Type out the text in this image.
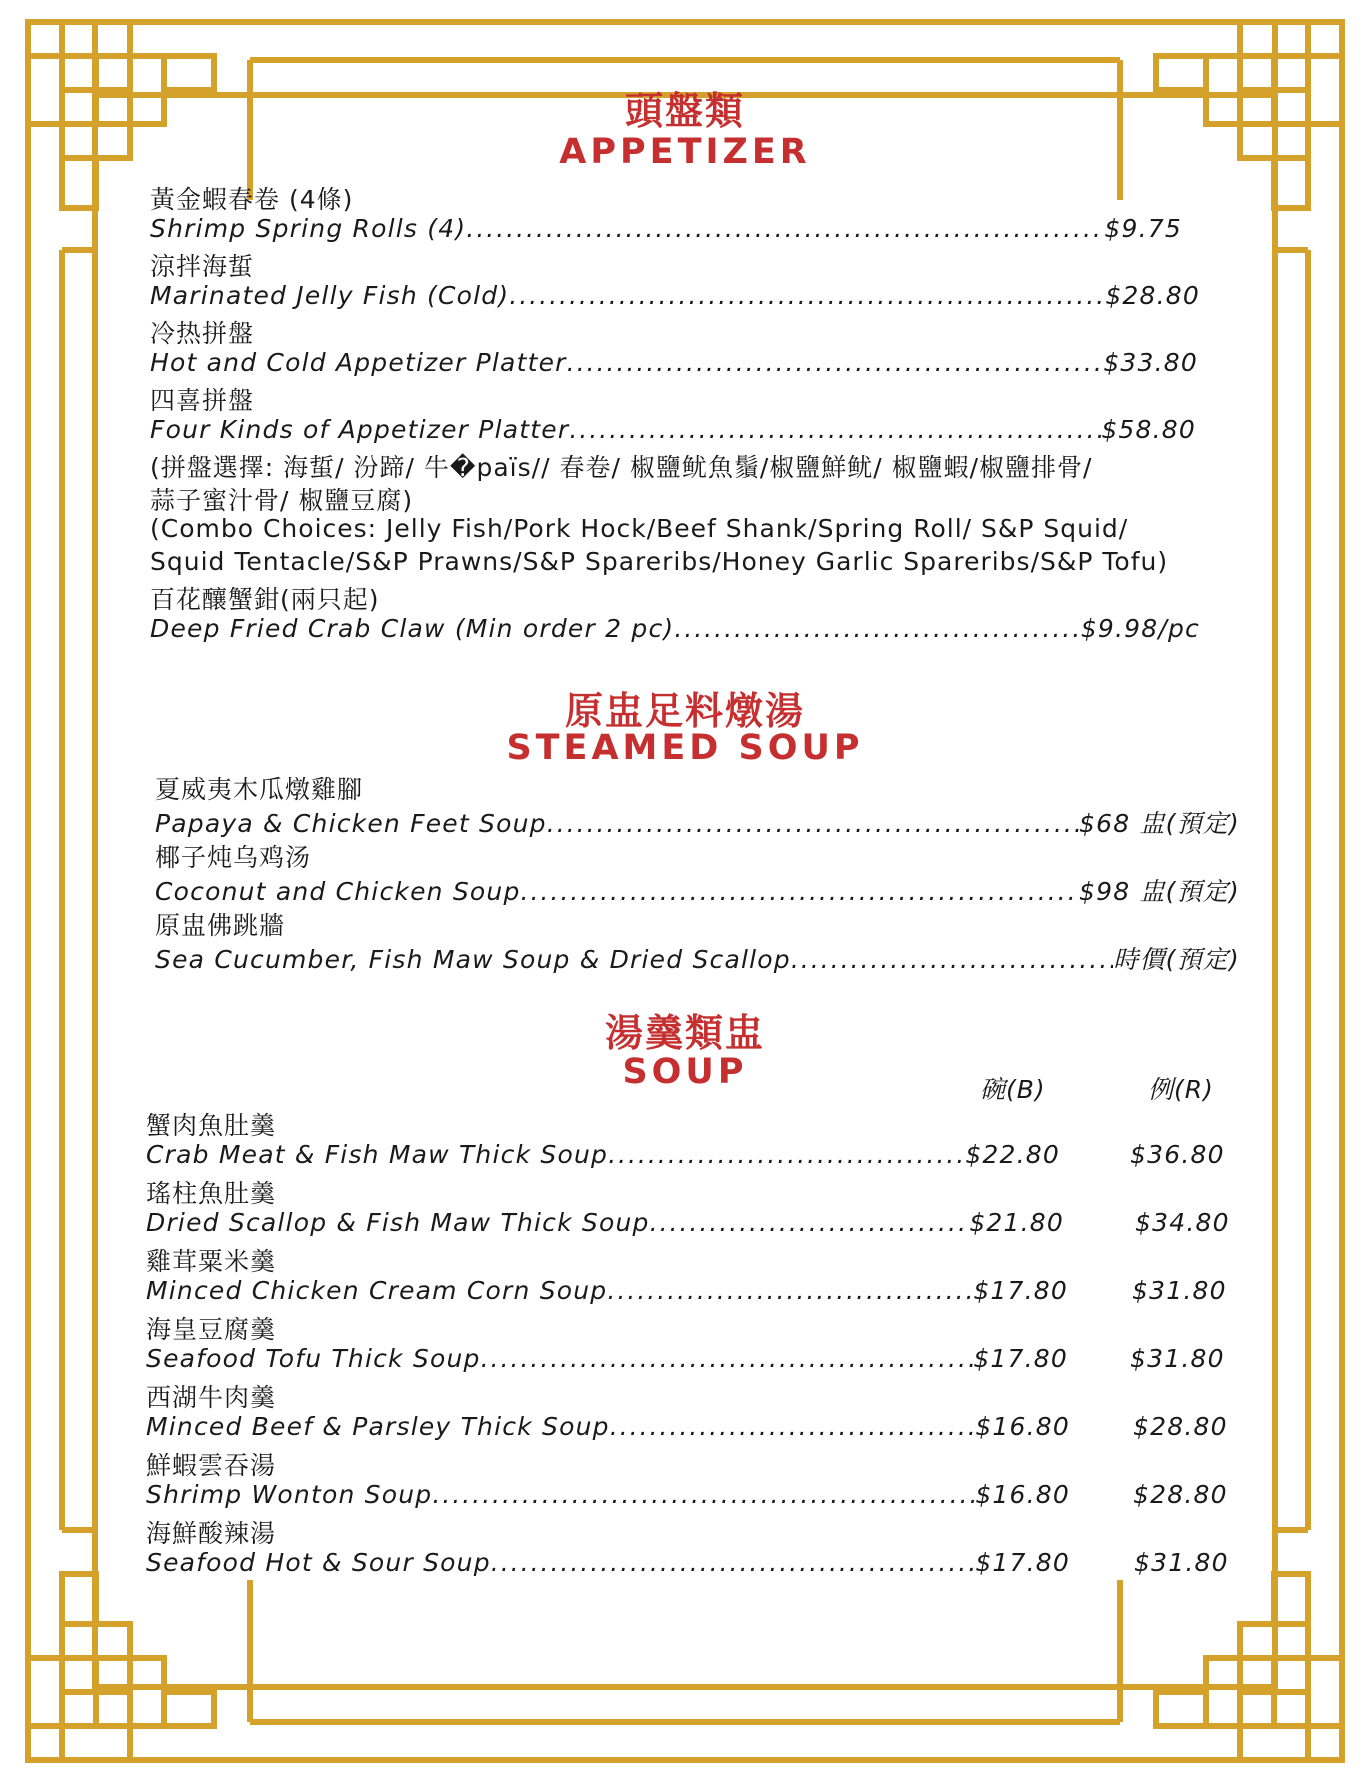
頭盤類
APPETIZER
黃金蝦春卷 (4條)
Shrimp Spring Rolls (4) .....	$9.75
涼拌海蜇
Marinated Jelly Fish (Cold) .....	$28.80
冷热拼盤
Hot and Cold Appetizer Platter .....	$33.80
四喜拼盤
Four Kinds of Appetizer Platter .....	$58.80
(拼盤選擇: 海蜇/ 汾蹄/ 牛�païs// 春卷/ 椒鹽鱿魚鬚/椒鹽鮮鱿/ 椒鹽蝦/椒鹽排骨/
蒜子蜜汁骨/ 椒鹽豆腐)
(Combo Choices: Jelly Fish/Pork Hock/Beef Shank/Spring Roll/ S&P Squid/
Squid Tentacle/S&P Prawns/S&P Spareribs/Honey Garlic Spareribs/S&P Tofu)
百花釀蟹鉗(兩只起)
Deep Fried Crab Claw (Min order 2 pc) .....	$9.98/pc
原盅足料燉湯
STEAMED SOUP
夏威夷木瓜燉雞腳
Papaya & Chicken Feet Soup .....	$68 盅(預定)
椰子炖乌鸡汤
Coconut and Chicken Soup .....	$98 盅(預定)
原盅佛跳牆
Sea Cucumber, Fish Maw Soup & Dried Scallop .....	時價(預定)
湯羹類盅
SOUP	碗(B)	例(R)
蟹肉魚肚羹
Crab Meat & Fish Maw Thick Soup .....	$22.80	$36.80
瑤柱魚肚羹
Dried Scallop & Fish Maw Thick Soup .....	$21.80	$34.80
雞茸粟米羹
Minced Chicken Cream Corn Soup .....	$17.80	$31.80
海皇豆腐羹
Seafood Tofu Thick Soup .....	$17.80 $31.80
西湖牛肉羹
Minced Beef & Parsley Thick Soup .....	$16.80	$28.80
鮮蝦雲吞湯
Shrimp Wonton Soup .....	$16.80	$28.80
海鮮酸辣湯
Seafood Hot & Sour Soup .....	$17.80	$31.80
